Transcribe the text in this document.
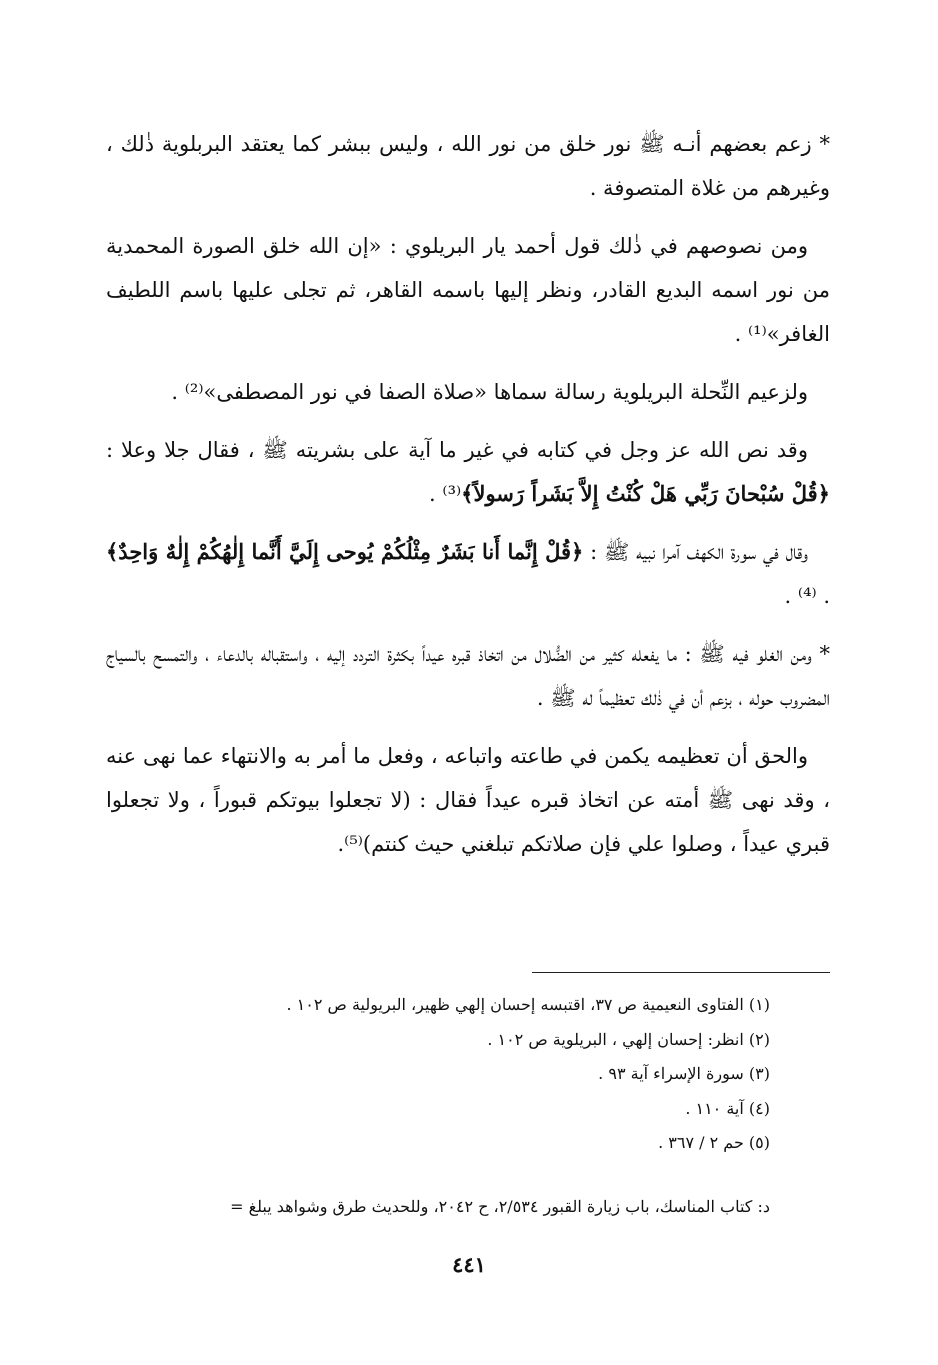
* زعم بعضهم أنـه ﷺ نور خلق من نور الله ، وليس ببشر كما يعتقد البربلوية ذٰلك ، وغيرهم من غلاة المتصوفة .

ومن نصوصهم في ذٰلك قول أحمد يار البريلوي : «إن الله خلق الصورة المحمدية من نور اسمه البديع القادر، ونظر إليها باسمه القاهر، ثم تجلى عليها باسم اللطيف الغافر»⁽¹⁾ .

ولزعيم النِّحلة البريلوية رسالة سماها «صلاة الصفا في نور المصطفى»⁽²⁾ .

وقد نص الله عز وجل في كتابه في غير ما آية على بشريته ﷺ ، فقال جلا وعلا : ﴿قُلْ سُبْحانَ رَبِّي هَلْ كُنْتُ إِلاَّ بَشَراً رَسولاً﴾⁽³⁾ .

وقال في سورة الكهف آمرا نبيه ﷺ : ﴿قُلْ إِنَّما أَنا بَشَرٌ مِثْلُكُمْ يُوحى إِلَيَّ أَنَّما إِلٰهُكُمْ إِلٰهٌ وَاحِدٌ﴾ . ⁽⁴⁾ .

* ومن الغلو فيه ﷺ : ما يفعله كثير من الضُّلال من اتخاذ قبره عيداً بكثرة التردد إليه ، واستقباله بالدعاء ، والتمسح بالسياج المضروب حوله ، بزعم أن في ذٰلك تعظيماً له ﷺ .

والحق أن تعظيمه يكمن في طاعته واتباعه ، وفعل ما أمر به والانتهاء عما نهى عنه ، وقد نهى ﷺ أمته عن اتخاذ قبره عيداً فقال : (لا تجعلوا بيوتكم قبوراً ، ولا تجعلوا قبري عيداً ، وصلوا علي فإن صلاتكم تبلغني حيث كنتم)⁽⁵⁾.

(١) الفتاوى النعيمية ص ٣٧، اقتبسه إحسان إلهي ظهير، البريولية ص ١٠٢ .

(٢) انظر: إحسان إلهي ، البريلوية ص ١٠٢ .

(٣) سورة الإسراء آية ٩٣ .

(٤) آية ١١٠ .

(٥) حم ٢ / ٣٦٧ .

د: كتاب المناسك، باب زيارة القبور ٢/٥٣٤، ح ٢٠٤٢، وللحديث طرق وشواهد يبلغ =
٤٤١
